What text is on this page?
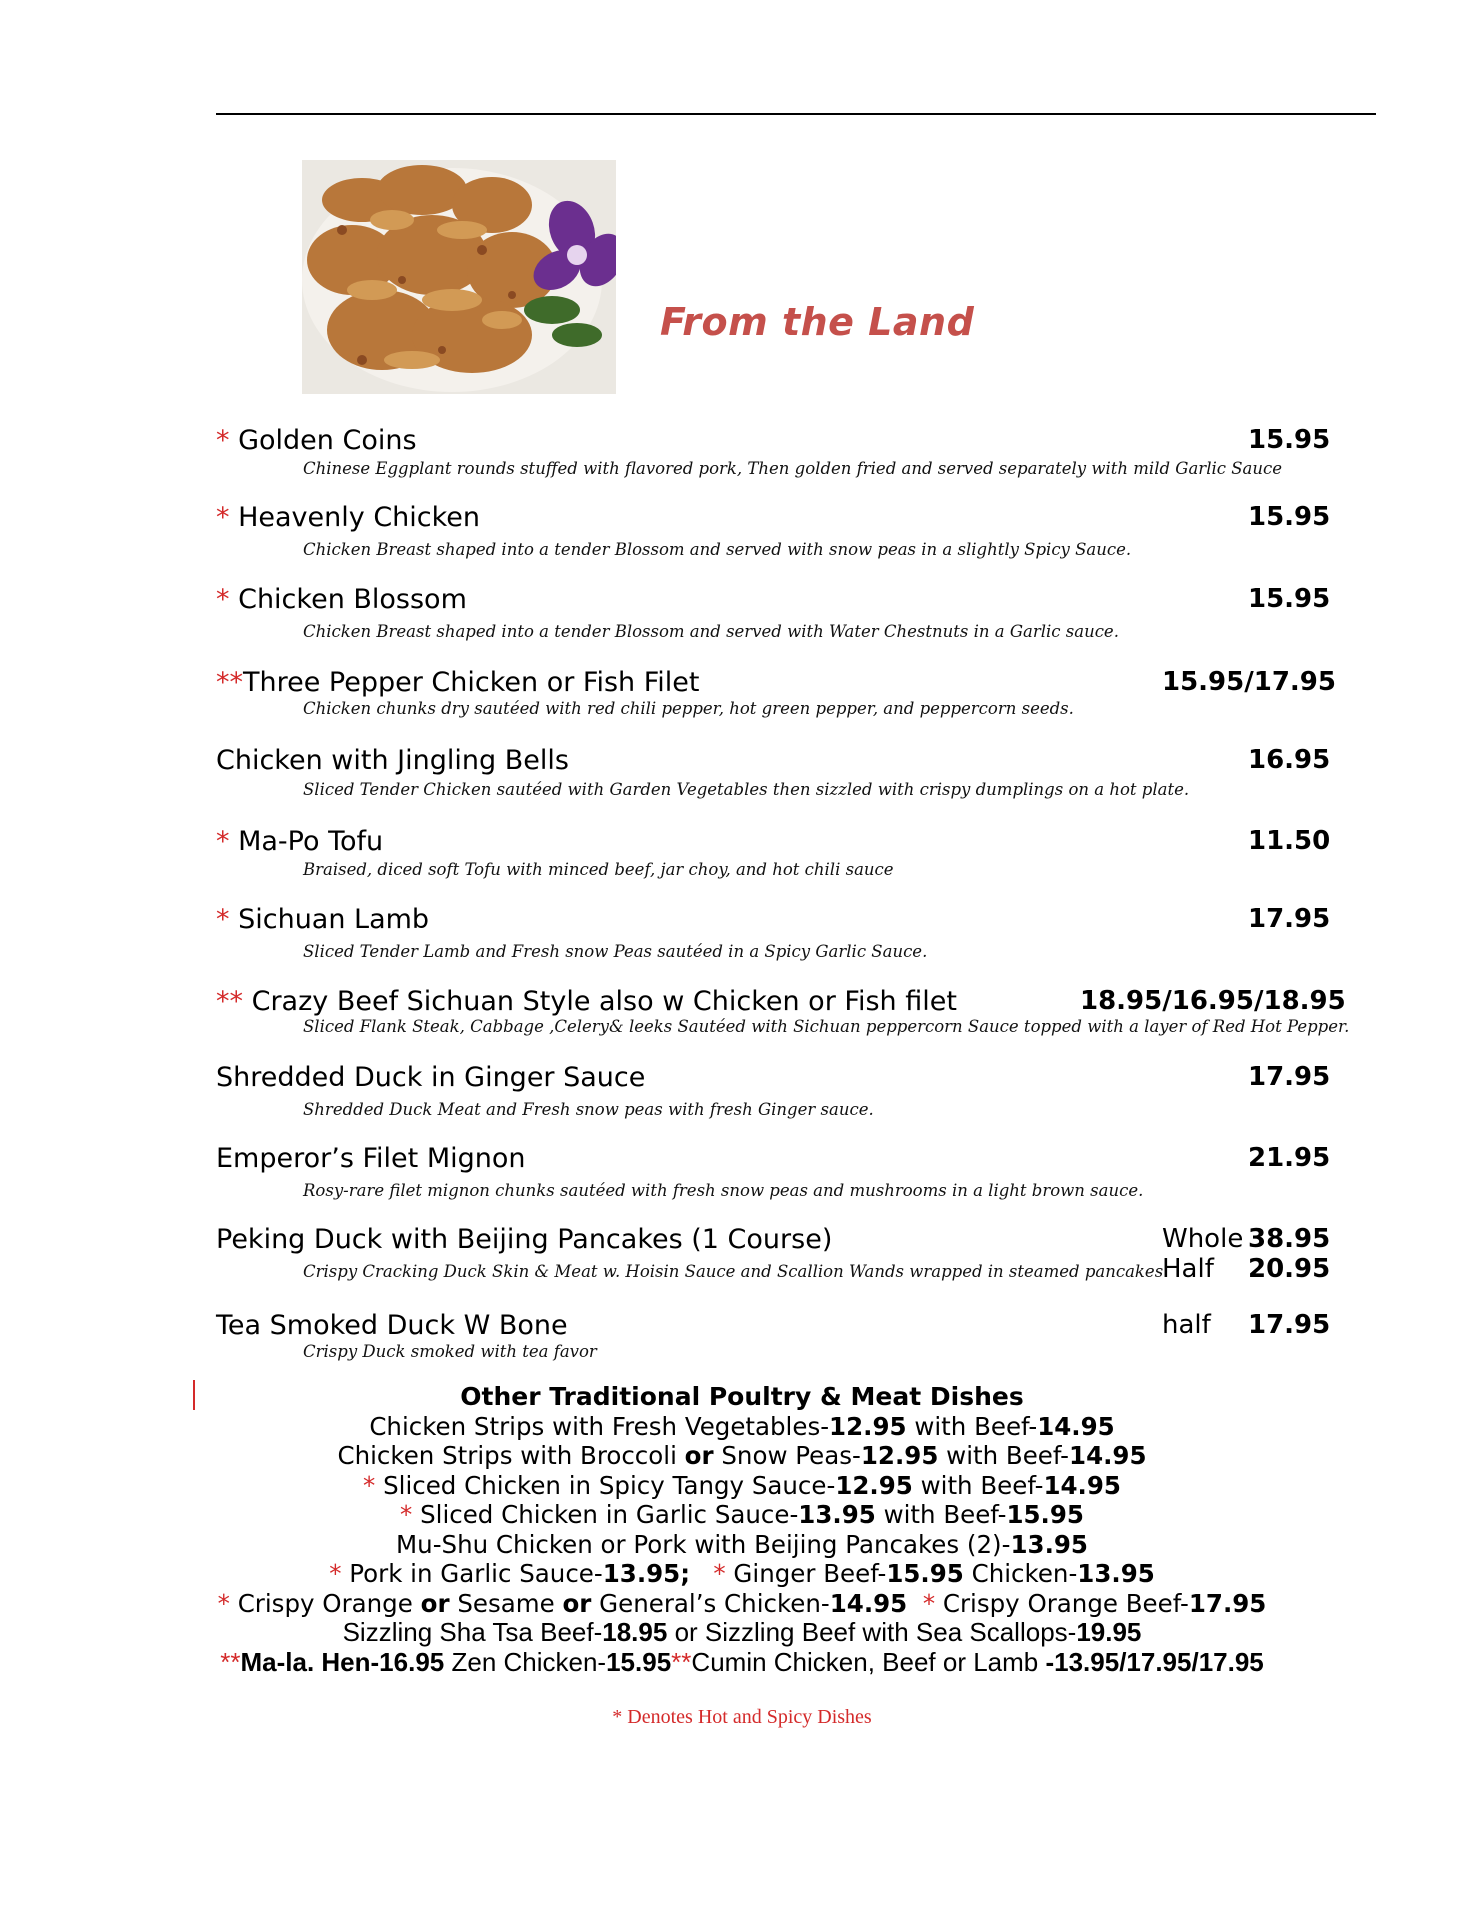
From the Land
* Golden Coins	15.95
Chinese Eggplant rounds stuffed with flavored pork, Then golden fried and served separately with mild Garlic Sauce
* Heavenly Chicken	15.95
Chicken Breast shaped into a tender Blossom and served with snow peas in a slightly Spicy Sauce.
* Chicken Blossom	15.95
Chicken Breast shaped into a tender Blossom and served with Water Chestnuts in a Garlic sauce.
**Three Pepper Chicken or Fish Filet	15.95/17.95
Chicken chunks dry sautéed with red chili pepper, hot green pepper, and peppercorn seeds.
Chicken with Jingling Bells	16.95
Sliced Tender Chicken sautéed with Garden Vegetables then sizzled with crispy dumplings on a hot plate.
* Ma-Po Tofu	11.50
Braised, diced soft Tofu with minced beef, jar choy, and hot chili sauce
* Sichuan Lamb	17.95
Sliced Tender Lamb and Fresh snow Peas sautéed in a Spicy Garlic Sauce.
** Crazy Beef Sichuan Style also w Chicken or Fish filet	18.95/16.95/18.95
Sliced Flank Steak, Cabbage ,Celery& leeks Sautéed with Sichuan peppercorn Sauce topped with a layer of Red Hot Pepper.
Shredded Duck in Ginger Sauce	17.95
Shredded Duck Meat and Fresh snow peas with fresh Ginger sauce.
Emperor’s Filet Mignon	21.95
Rosy-rare filet mignon chunks sautéed with fresh snow peas and mushrooms in a light brown sauce.
Peking Duck with Beijing Pancakes (1 Course)	Whole 38.95
Crispy Cracking Duck Skin & Meat w. Hoisin Sauce and Scallion Wands wrapped in steamed pancakes
Half 20.95
Tea Smoked Duck W Bone	half 17.95
Crispy Duck smoked with tea favor
Other Traditional Poultry & Meat Dishes
Chicken Strips with Fresh Vegetables-12.95 with Beef-14.95
Chicken Strips with Broccoli or Snow Peas-12.95 with Beef-14.95
* Sliced Chicken in Spicy Tangy Sauce-12.95 with Beef-14.95
* Sliced Chicken in Garlic Sauce-13.95 with Beef-15.95
Mu-Shu Chicken or Pork with Beijing Pancakes (2)-13.95
* Pork in Garlic Sauce-13.95; * Ginger Beef-15.95 Chicken-13.95
* Crispy Orange or Sesame or General’s Chicken-14.95 * Crispy Orange Beef-17.95
Sizzling Sha Tsa Beef-18.95 or Sizzling Beef with Sea Scallops-19.95
**Ma-la. Hen-16.95 Zen Chicken-15.95**Cumin Chicken, Beef or Lamb -13.95/17.95/17.95
* Denotes Hot and Spicy Dishes
